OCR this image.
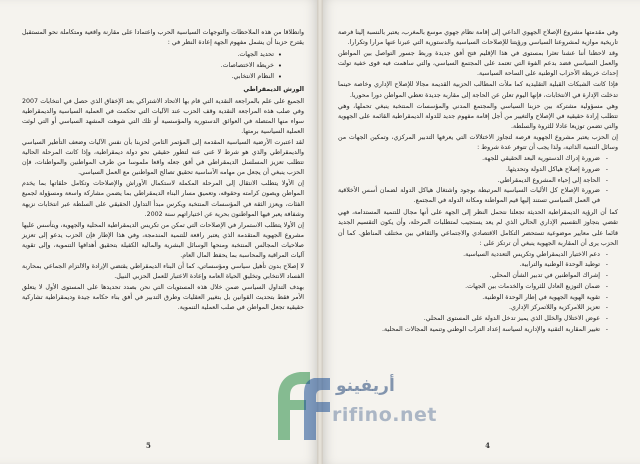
وانطلاقا من هذه الملاحظات والتوجهات السياسية الحرب واعتمادا على مقارنة واقعية ومتكاملة نحو المستقبل يقترح حزبنا أن يشمل مفهوم الجهة إعادة النظر في :

• تحديد الجهات.
• خريطة الاختصاصات.
• النظام الانتخابي.

الورش الديمقراطي

الجميع على علم بالمراجعة النقدية التي قام بها الاتحاد الاشتراكي بعد الإخفاق الذي حصل في انتخابات 2007 وفي صلب هذه المراجعة النقدية وقف الحزب عند الآليات التي تحكمت في العملية السياسية والديمقراطية سواء منها المتصلة في العوائق الدستورية والمؤسسية أو تلك التي شوهت المشهد السياسي أو التي لوثت العملية السياسية برمتها.

لقد اعتبرت الأرضية السياسية المقدمة إلى المؤتمر الثامن لحزبنا بأن نفس الآليات وضعف التأطير السياسي والديمقراطي والذي هو شرط لا غنى عنه لتطور حقيقي نحو دولة ديمقراطية، وإذا كانت المرحلة الحالية تتطلب تعزيز المسلسل الديمقراطي في أفق جعله واقعا ملموسا من طرف المواطنين والمواطنات، فإن الحزب ينبغي أن يجعل من مهامه الأساسية تحقيق تصالح المواطنين مع العمل السياسي.

إن الأولا يتطلب الانتقال إلى المرحلة المكملة لاستكمال الأوراش والإصلاحات وتكامل حلقاتها بما يخدم المواطن ويصون كرامته وحقوقه، وتعميق مسار البناء الديمقراطي بما يضمن مشاركة واسعة ومسؤولة لجميع الفئات، ويعزز الثقة في المؤسسات المنتخبة ويكرس مبدأ التداول الحقيقي على السلطة عبر انتخابات نزيهة وشفافة يعبر فيها المواطنون بحرية عن اختياراتهم سنة 2002.

إن الأولا يتطلب الاستمرار في الإصلاحات التي تمكن من تكريس الديمقراطية المحلية والجهوية، ويتأسس عليها مشروع الجهوية المتقدمة الذي يعتبر رافعة للتنمية المندمجة، وفي هذا الإطار فإن الحزب يدعو إلى تعزيز صلاحيات المجالس المنتخبة ومنحها الوسائل البشرية والمالية الكفيلة بتحقيق أهدافها التنموية، وإلى تقوية آليات المراقبة والمحاسبة بما يحفظ المال العام.

لا إصلاح بدون تأهيل سياسي ومؤسساتي، كما أن البناء الديمقراطي يقتضي الإرادة والالتزام الجماعي بمحاربة الفساد الانتخابي وتخليق الحياة العامة وإعادة الاعتبار للعمل الحزبي النبيل.

بهدف التداول السياسي ضمن خلال هذه المستويات التي نحن بصدد تحديدها على المستوى الأول لا يتعلق الأمر فقط بتحديث القوانين بل بتغيير العقليات وطرق التدبير في أفق بناء حكامة جيدة وديمقراطية تشاركية حقيقية تجعل المواطن في صلب العملية التنموية.

5

وفي مقدمتها مشروع الإصلاح الجهوي الداعي إلى إقامة نظام جهوي موسع بالمغرب، يعتبر بالنسبة إلينا فرصة تاريخية موازية لمشروعنا السياسي ورؤيتنا للإصلاحات السياسية والدستورية التي عبرنا عنها مرارا وتكرارا.

وقد لاحظنا أننا عشنا تعثرا بمستوى في هذا الإقليم فتح أفق جديدة وربط جسور التواصل بين المواطن والعمل السياسي فضد بدعم الفوة التي تعتمد على المجتمع السياسي، والتي ساهمت فيه قوى خفية تولت إحداث خريطة الأحزاب الوطنية على الساحة السياسية.

فإذا كانت الشبكات القبلية التقليدية كما ملأت المطالب الحزبية القديمة مجالا للإصلاح الإداري وخاصة حينما تدخلت الإدارة في الانتخابات، فإنها اليوم تعلن عن الحاجة إلى مقاربة جديدة تعطي المواطن دورا محوريا.

وهي مسؤولية مشتركة بين حزبنا السياسي والمجتمع المدني والمؤسسات المنتخبة ينبغي تحملها، وهي تتطلب إرادة حقيقية في الإصلاح والتغيير من أجل إقامة مفهوم جديد للدولة الديمقراطية القائمة على الجهوية والتي تضمن توزيعا عادلا للثروة والسلطة.

إن الحزب يعتبر مشروع الجهوية فرصة لتجاوز الاختلالات التي يعرفها التدبير المركزي، وتمكين الجهات من وسائل التنمية الذاتية، ولذا يجب أن تتوفر عدة شروط :

- ضرورة إدراك الدستورية البعد الحقيقي للجهة.
- ضرورة إصلاح هياكل الدولة وتحديثها.
- الحاجة إلى إحياء المشروع الديمقراطي.
- ضرورة الإصلاح كل الأليات السياسية المرتبطة بوجود واشتغال هياكل الدولة لضمان أسس الأخلاقية في العمل السياسي تستند إليها قيم المواطنة ومكانة الدولة في المجتمع.

كما أن الرؤية الديمقراطية الحديثة تجعلنا نتحمل النظر إلى الجهة على أنها مجال للتنمية المستدامة، فهي تقضي بتجاوز التقسيم الإداري الحالي الذي لم يعد يستجيب لمتطلبات المرحلة، وأن يكون التقسيم الجديد قائما على معايير موضوعية تستحضر التكامل الاقتصادي والاجتماعي والثقافي بين مختلف المناطق. كما أن الحزب يرى أن المقاربة الجهوية ينبغي أن ترتكز على :

- دعم الاختيار الديمقراطي وتكريس التعددية السياسية.
- توطيد الوحدة الوطنية والترابية.
- إشراك المواطنين في تدبير الشأن المحلي.
- ضمان التوزيع العادل للثروات والخدمات بين الجهات.
- تقوية الهوية الجهوية في إطار الوحدة الوطنية.
- تعزيز اللامركزية واللاتمركز الإداري.
- عوض الاختلال والخلل الذي يميز تدخل الدولة على المستوى المحلي.
- تغيير المقاربة التقنية والإدارية لسياسة إعداد التراب الوطني وتنمية المجالات المحلية.
4
أريفينو
rifino.net
